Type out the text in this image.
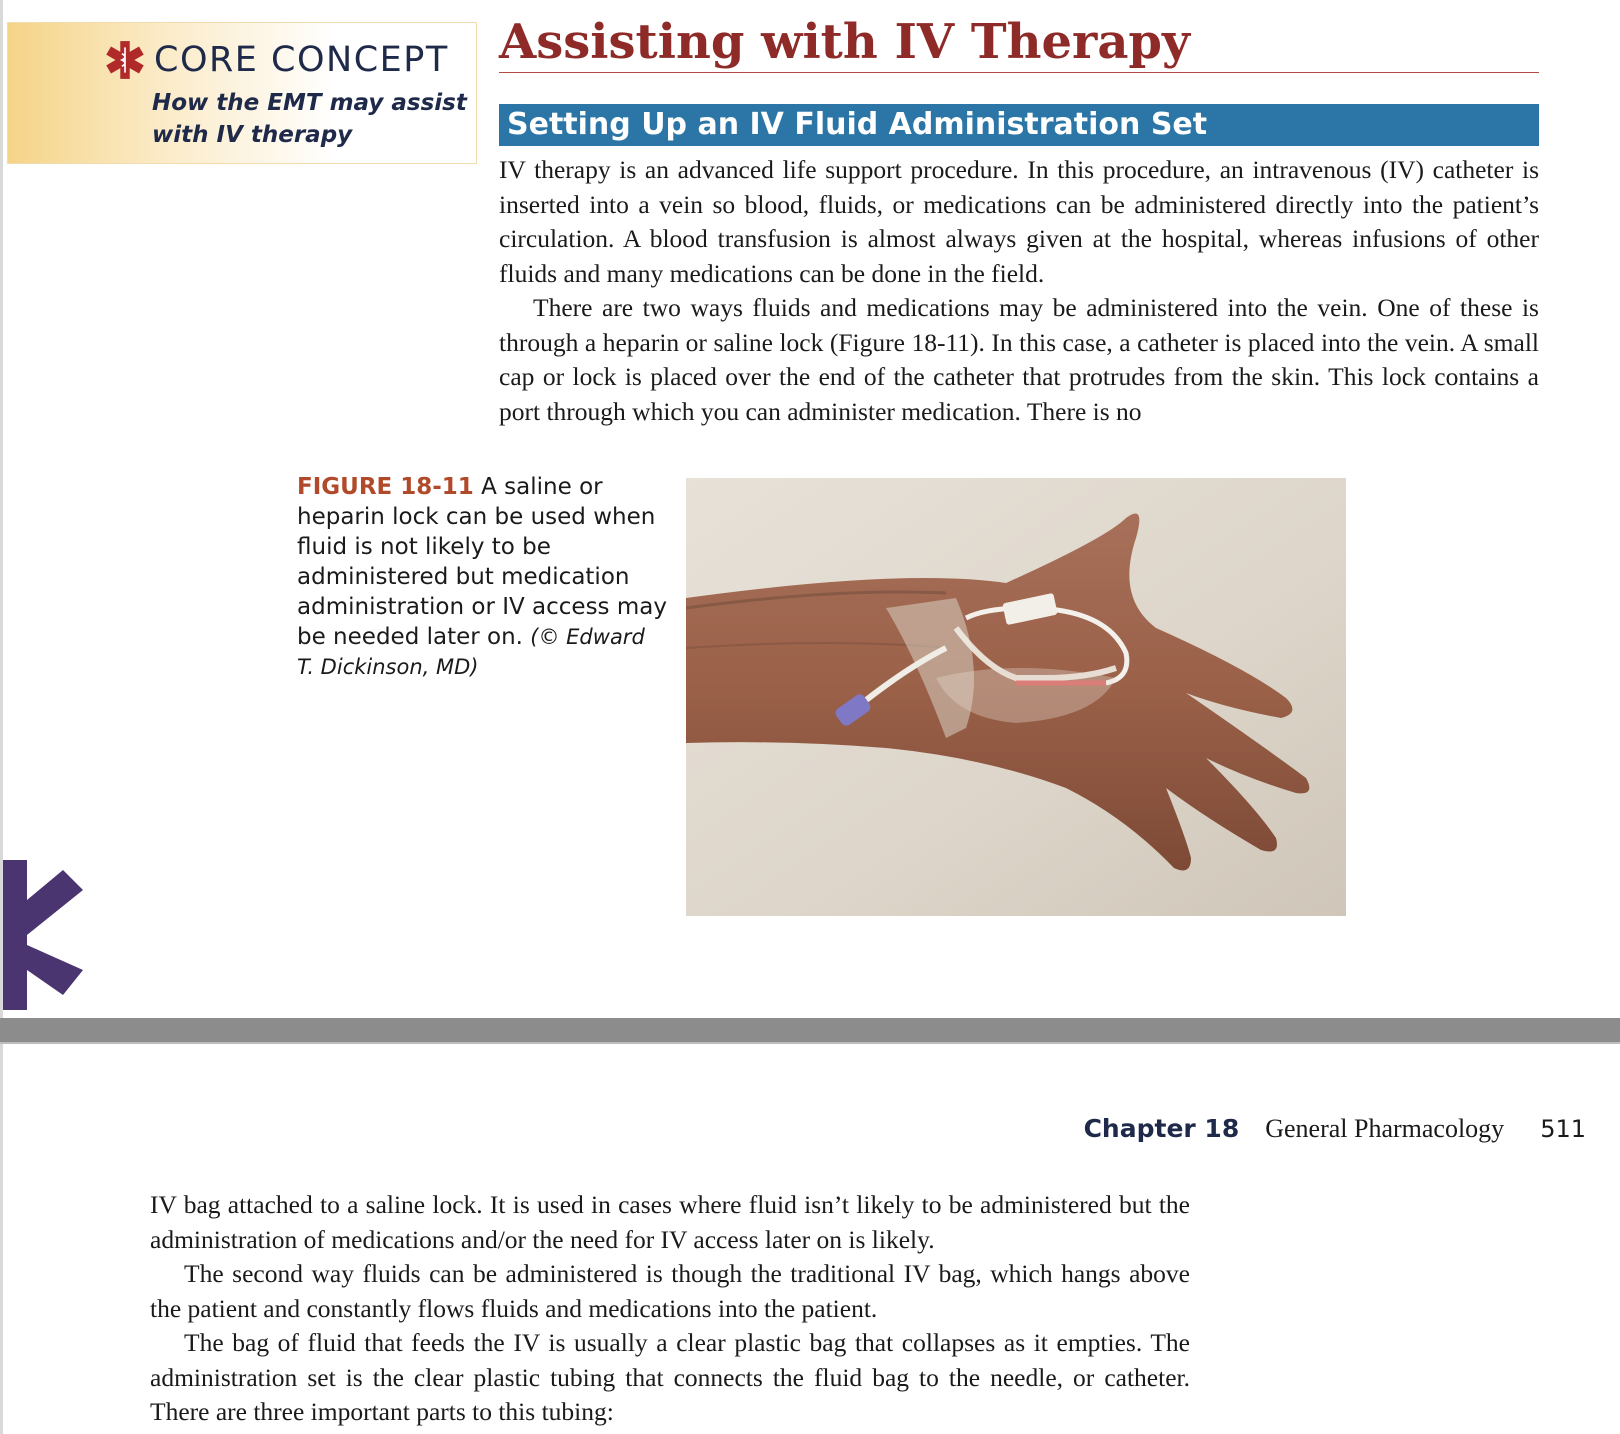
CORE CONCEPT
How the EMT may assist with IV therapy
Assisting with IV Therapy
Setting Up an IV Fluid Administration Set

IV therapy is an advanced life support procedure. In this procedure, an intravenous (IV) catheter is inserted into a vein so blood, fluids, or medications can be administered directly into the patient’s circulation. A blood transfusion is almost always given at the hospital, whereas infusions of other fluids and many medications can be done in the field.

There are two ways fluids and medications may be administered into the vein. One of these is through a heparin or saline lock (Figure 18-11). In this case, a catheter is placed into the vein. A small cap or lock is placed over the end of the catheter that protrudes from the skin. This lock contains a port through which you can administer medication. There is no

FIGURE 18-11 A saline or heparin lock can be used when fluid is not likely to be administered but medication administration or IV access may be needed later on. (© Edward T. Dickinson, MD)
Chapter 18 General Pharmacology 511

IV bag attached to a saline lock. It is used in cases where fluid isn’t likely to be administered but the administration of medications and/or the need for IV access later on is likely.

The second way fluids can be administered is though the traditional IV bag, which hangs above the patient and constantly flows fluids and medications into the patient.

The bag of fluid that feeds the IV is usually a clear plastic bag that collapses as it empties. The administration set is the clear plastic tubing that connects the fluid bag to the needle, or catheter. There are three important parts to this tubing:
